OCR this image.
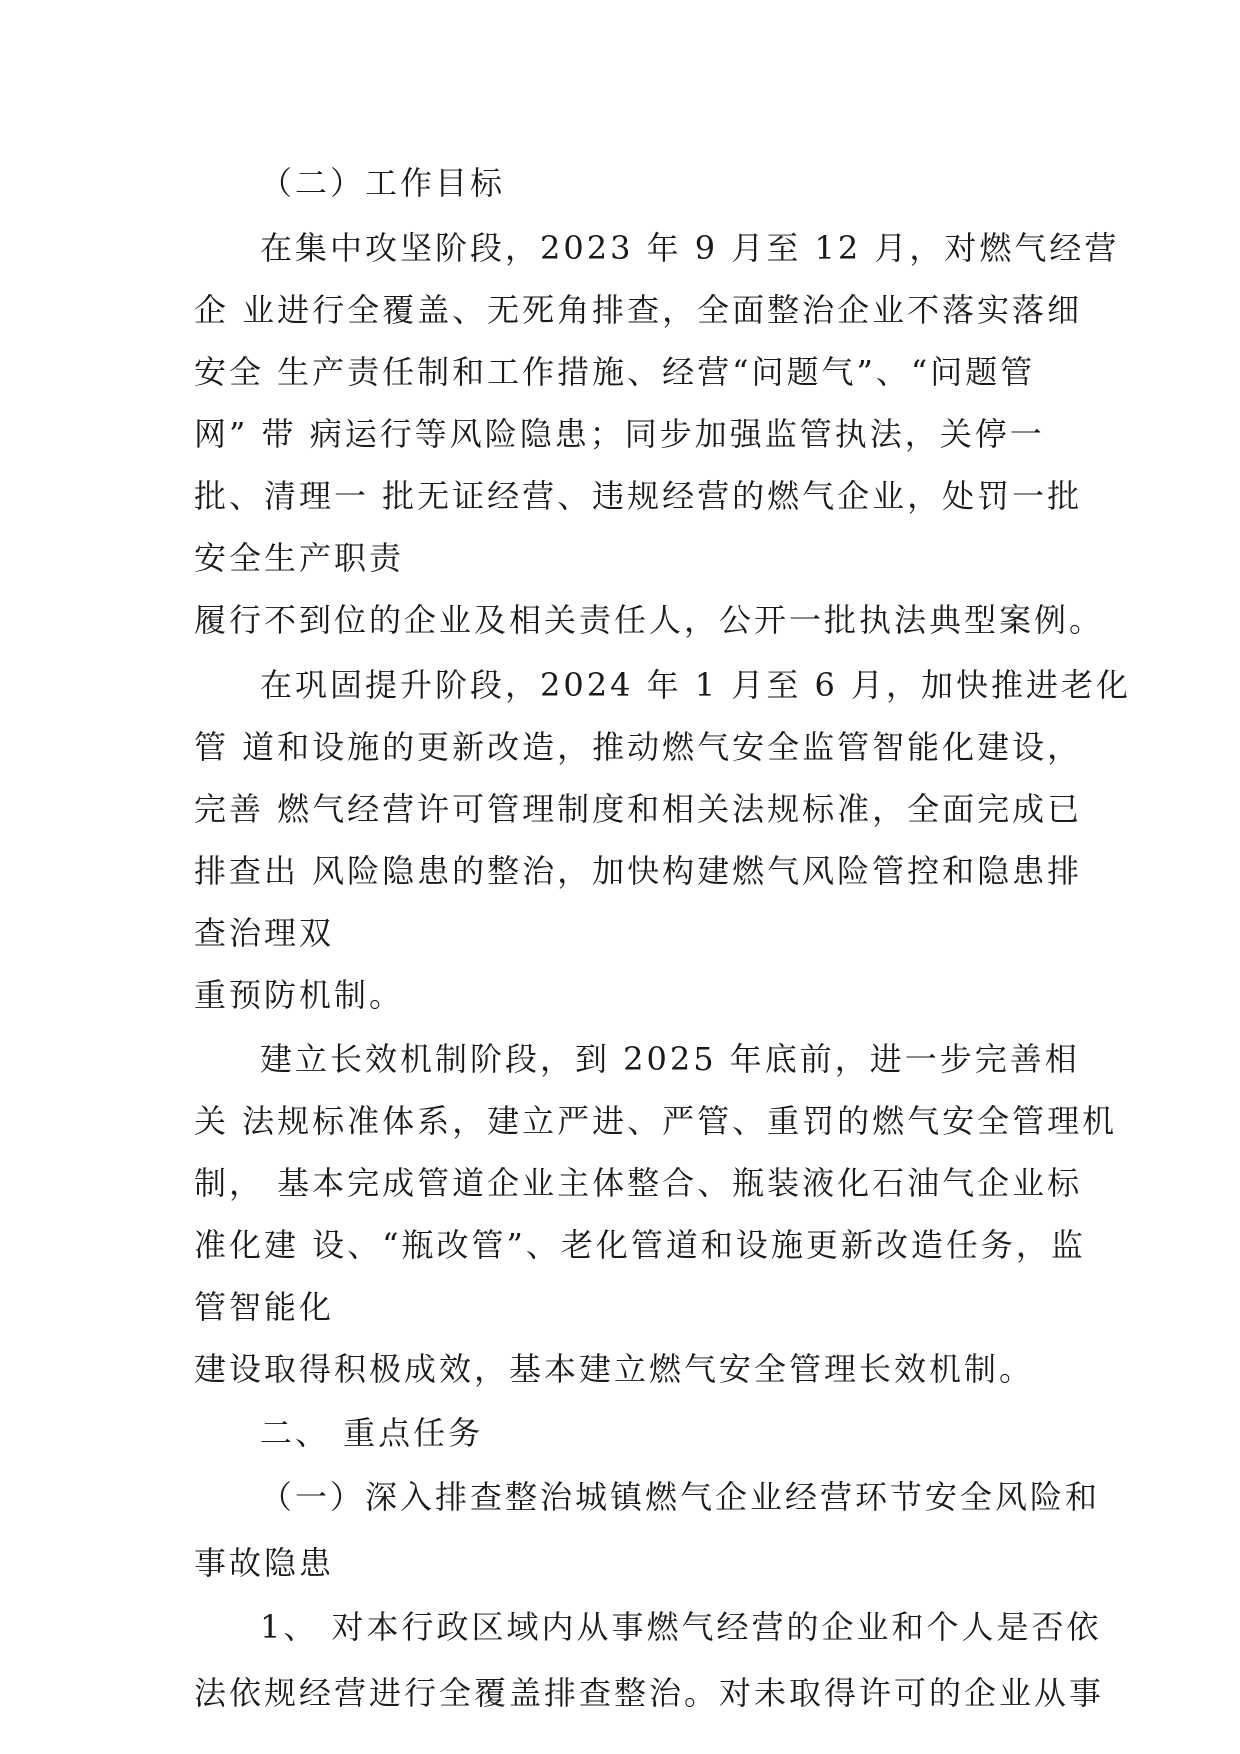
（二）工作目标
在集中攻坚阶段，2023 年 9 月至 12 月，对燃气经营
企 业进行全覆盖、无死角排查，全面整治企业不落实落细
安全 生产责任制和工作措施、经营“问题气”、“问题管
网” 带 病运行等风险隐患；同步加强监管执法，关停一
批、清理一 批无证经营、违规经营的燃气企业，处罚一批
安全生产职责
履行不到位的企业及相关责任人，公开一批执法典型案例。
在巩固提升阶段，2024 年 1 月至 6 月，加快推进老化
管 道和设施的更新改造，推动燃气安全监管智能化建设，
完善 燃气经营许可管理制度和相关法规标准，全面完成已
排查出 风险隐患的整治，加快构建燃气风险管控和隐患排
查治理双
重预防机制。
建立长效机制阶段，到 2025 年底前，进一步完善相
关 法规标准体系，建立严进、严管、重罚的燃气安全管理机
制， 基本完成管道企业主体整合、瓶装液化石油气企业标
准化建 设、“瓶改管”、老化管道和设施更新改造任务，监
管智能化
建设取得积极成效，基本建立燃气安全管理长效机制。
二、 重点任务
（一）深入排查整治城镇燃气企业经营环节安全风险和
事故隐患
1、 对本行政区域内从事燃气经营的企业和个人是否依
法依规经营进行全覆盖排查整治。对未取得许可的企业从事
